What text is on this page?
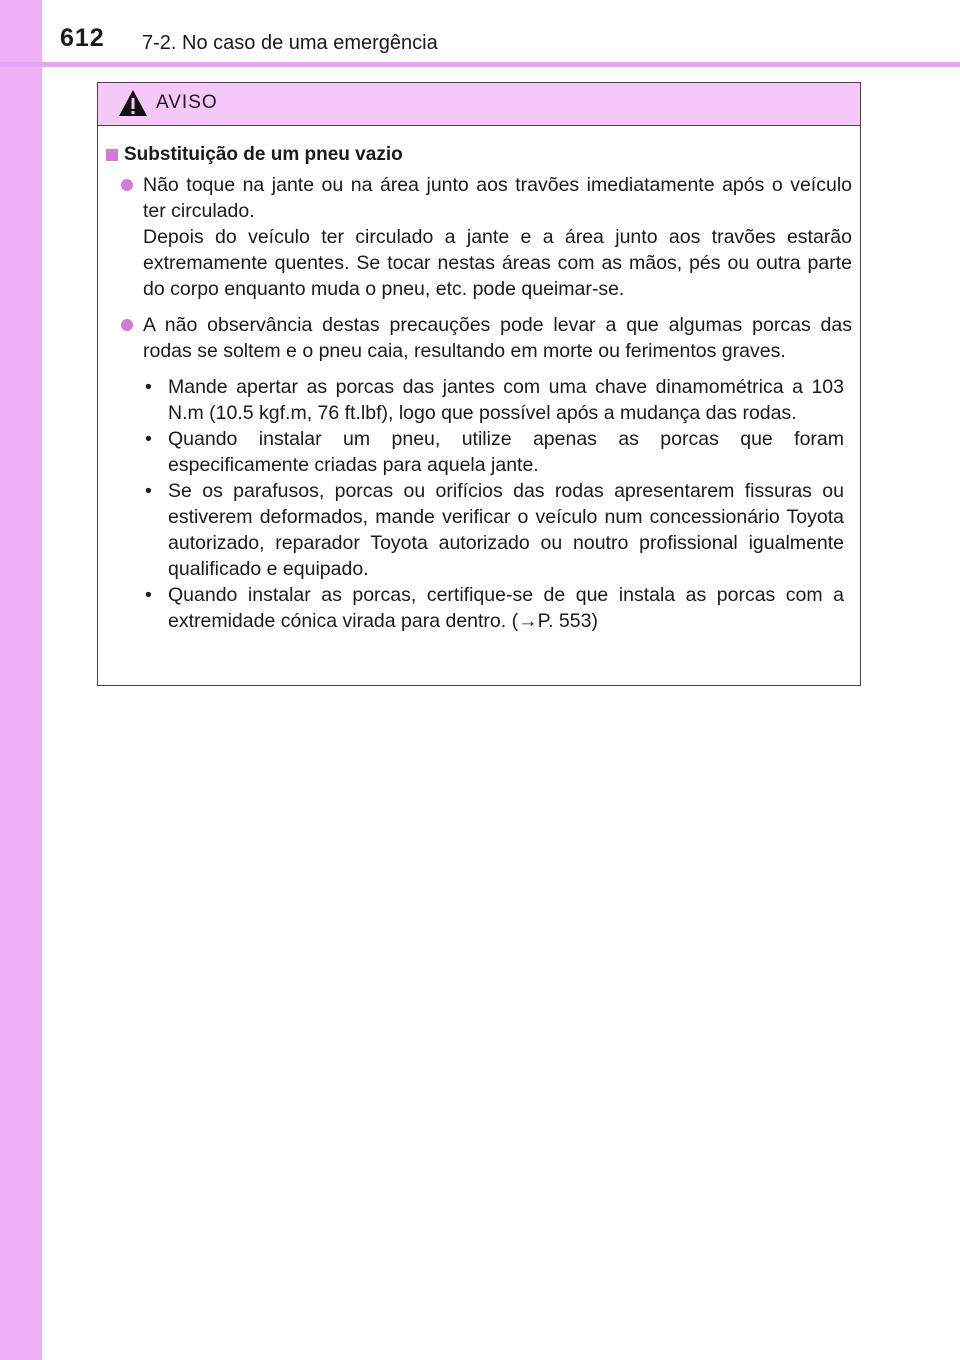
612 7-2. No caso de uma emergência
AVISO
Substituição de um pneu vazio

Não toque na jante ou na área junto aos travões imediatamente após o veículo ter circulado.

Depois do veículo ter circulado a jante e a área junto aos travões estarão extremamente quentes. Se tocar nestas áreas com as mãos, pés ou outra parte do corpo enquanto muda o pneu, etc. pode queimar-se.

A não observância destas precauções pode levar a que algumas porcas das rodas se soltem e o pneu caia, resultando em morte ou ferimentos graves.

• Mande apertar as porcas das jantes com uma chave dinamométrica a 103 N.m (10.5 kgf.m, 76 ft.lbf), logo que possível após a mudança das rodas.
• Quando instalar um pneu, utilize apenas as porcas que foram especificamente criadas para aquela jante.
• Se os parafusos, porcas ou orifícios das rodas apresentarem fissuras ou estiverem deformados, mande verificar o veículo num concessionário Toyota autorizado, reparador Toyota autorizado ou noutro profissional igualmente qualificado e equipado.
• Quando instalar as porcas, certifique-se de que instala as porcas com a extremidade cónica virada para dentro. (→P. 553)
